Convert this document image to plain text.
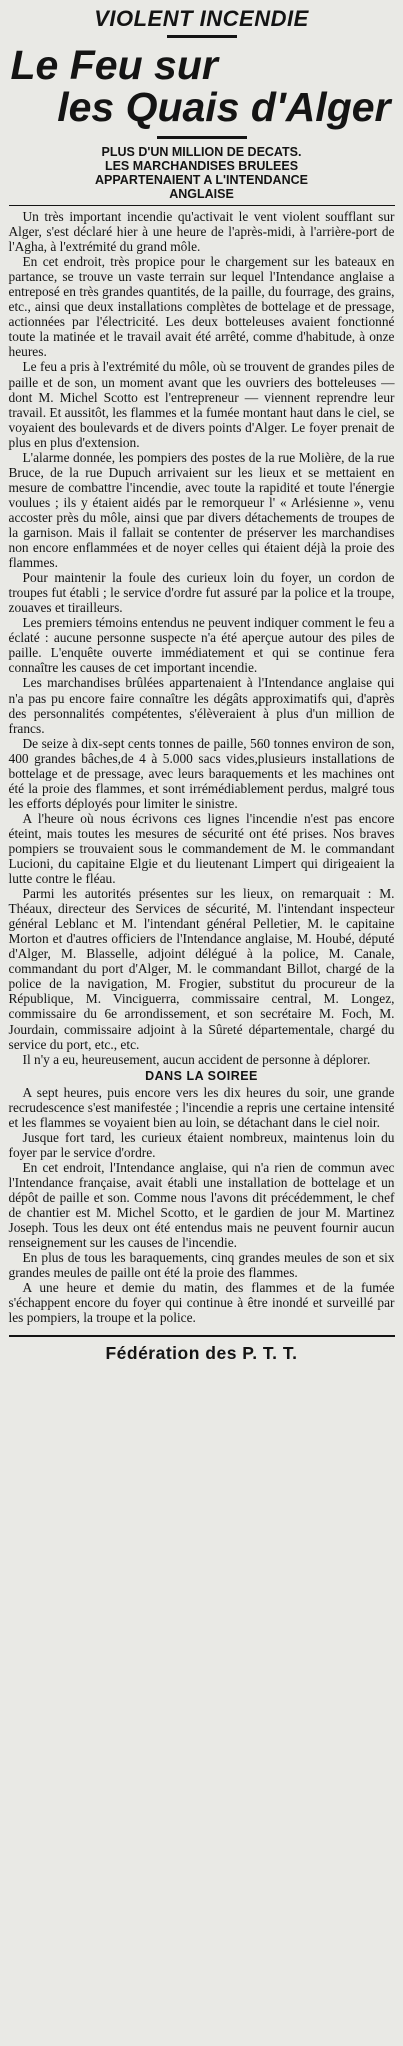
VIOLENT INCENDIE
Le Feu sur
les Quais d'Alger
PLUS D'UN MILLION DE DECATS.
LES MARCHANDISES BRULEES
APPARTENAIENT A L'INTENDANCE
ANGLAISE

Un très important incendie qu'activait le vent violent soufflant sur Alger, s'est déclaré hier à une heure de l'après-midi, à l'arrière-port de l'Agha, à l'extrémité du grand môle.

En cet endroit, très propice pour le chargement sur les bateaux en partance, se trouve un vaste terrain sur lequel l'Intendance anglaise a entreposé en très grandes quantités, de la paille, du fourrage, des grains, etc., ainsi que deux installations complètes de bottelage et de pressage, actionnées par l'électricité. Les deux botteleuses avaient fonctionné toute la matinée et le travail avait été arrêté, comme d'habitude, à onze heures.

Le feu a pris à l'extrémité du môle, où se trouvent de grandes piles de paille et de son, un moment avant que les ouvriers des botteleuses — dont M. Michel Scotto est l'entrepreneur — viennent reprendre leur travail. Et aussitôt, les flammes et la fumée montant haut dans le ciel, se voyaient des boulevards et de divers points d'Alger. Le foyer prenait de plus en plus d'extension.

L'alarme donnée, les pompiers des postes de la rue Molière, de la rue Bruce, de la rue Dupuch arrivaient sur les lieux et se mettaient en mesure de combattre l'incendie, avec toute la rapidité et toute l'énergie voulues ; ils y étaient aidés par le remorqueur l' « Arlésienne », venu accoster près du môle, ainsi que par divers détachements de troupes de la garnison. Mais il fallait se contenter de préserver les marchandises non encore enflammées et de noyer celles qui étaient déjà la proie des flammes.

Pour maintenir la foule des curieux loin du foyer, un cordon de troupes fut établi ; le service d'ordre fut assuré par la police et la troupe, zouaves et tirailleurs.

Les premiers témoins entendus ne peuvent indiquer comment le feu a éclaté : aucune personne suspecte n'a été aperçue autour des piles de paille. L'enquête ouverte immédiatement et qui se continue fera connaître les causes de cet important incendie.

Les marchandises brûlées appartenaient à l'Intendance anglaise qui n'a pas pu encore faire connaître les dégâts approximatifs qui, d'après des personnalités compétentes, s'élèveraient à plus d'un million de francs.

De seize à dix-sept cents tonnes de paille, 560 tonnes environ de son, 400 grandes bâches,de 4 à 5.000 sacs vides,plusieurs installations de bottelage et de pressage, avec leurs baraquements et les machines ont été la proie des flammes, et sont irrémédiablement perdus, malgré tous les efforts déployés pour limiter le sinistre.

A l'heure où nous écrivons ces lignes l'incendie n'est pas encore éteint, mais toutes les mesures de sécurité ont été prises. Nos braves pompiers se trouvaient sous le commandement de M. le commandant Lucioni, du capitaine Elgie et du lieutenant Limpert qui dirigeaient la lutte contre le fléau.

Parmi les autorités présentes sur les lieux, on remarquait : M. Théaux, directeur des Services de sécurité, M. l'intendant inspecteur général Leblanc et M. l'intendant général Pelletier, M. le capitaine Morton et d'autres officiers de l'Intendance anglaise, M. Houbé, député d'Alger, M. Blasselle, adjoint délégué à la police, M. Canale, commandant du port d'Alger, M. le commandant Billot, chargé de la police de la navigation, M. Frogier, substitut du procureur de la République, M. Vinciguerra, commissaire central, M. Longez, commissaire du 6e arrondissement, et son secrétaire M. Foch, M. Jourdain, commissaire adjoint à la Sûreté départementale, chargé du service du port, etc., etc.

Il n'y a eu, heureusement, aucun accident de personne à déplorer.

DANS LA SOIREE

A sept heures, puis encore vers les dix heures du soir, une grande recrudescence s'est manifestée ; l'incendie a repris une certaine intensité et les flammes se voyaient bien au loin, se détachant dans le ciel noir.

Jusque fort tard, les curieux étaient nombreux, maintenus loin du foyer par le service d'ordre.

En cet endroit, l'Intendance anglaise, qui n'a rien de commun avec l'Intendance française, avait établi une installation de bottelage et un dépôt de paille et son. Comme nous l'avons dit précédemment, le chef de chantier est M. Michel Scotto, et le gardien de jour M. Martinez Joseph. Tous les deux ont été entendus mais ne peuvent fournir aucun renseignement sur les causes de l'incendie.

En plus de tous les baraquements, cinq grandes meules de son et six grandes meules de paille ont été la proie des flammes.

A une heure et demie du matin, des flammes et de la fumée s'échappent encore du foyer qui continue à être inondé et surveillé par les pompiers, la troupe et la police.

Fédération des P. T. T.
